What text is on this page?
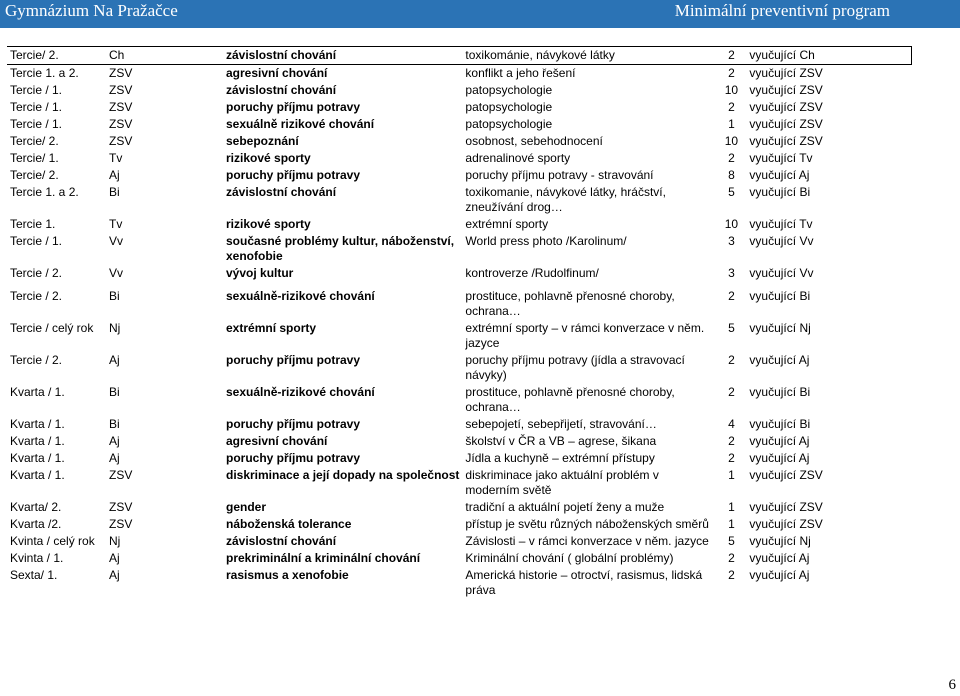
Gymnázium Na Pražačce	Minimální preventivní program
Tercie/ 2.	Ch	závislostní chování	toxikománie, návykové látky	2	vyučující Ch
Tercie 1. a 2.	ZSV	agresivní chování	konflikt a jeho řešení	2	vyučující ZSV
Tercie / 1.	ZSV	závislostní chování	patopsychologie	10	vyučující ZSV
Tercie / 1.	ZSV	poruchy příjmu potravy	patopsychologie	2	vyučující ZSV
Tercie / 1.	ZSV	sexuálně rizikové chování	patopsychologie	1	vyučující ZSV
Tercie/ 2.	ZSV	sebepoznání	osobnost, sebehodnocení	10	vyučující ZSV
Tercie/ 1.	Tv	rizikové sporty	adrenalinové sporty	2	vyučující Tv
Tercie/ 2.	Aj	poruchy příjmu potravy	poruchy příjmu potravy - stravování	8	vyučující Aj
Tercie 1. a 2.	Bi	závislostní chování	toxikomanie, návykové látky, hráčství, zneužívání drog…	5	vyučující Bi
Tercie 1.	Tv	rizikové sporty	extrémní sporty	10	vyučující Tv
Tercie / 1.	Vv	současné problémy kultur, náboženství, xenofobie	World press photo /Karolinum/	3	vyučující Vv
Tercie / 2.	Vv	vývoj kultur	kontroverze /Rudolfinum/	3	vyučující Vv

Tercie / 2.	Bi	sexuálně-rizikové chování	prostituce, pohlavně přenosné choroby, ochrana…	2	vyučující Bi
Tercie / celý rok	Nj	extrémní sporty	extrémní sporty – v rámci konverzace v něm. jazyce	5	vyučující Nj
Tercie / 2.	Aj	poruchy příjmu potravy	poruchy příjmu potravy (jídla a stravovací návyky)	2	vyučující Aj
Kvarta / 1.	Bi	sexuálně-rizikové chování	prostituce, pohlavně přenosné choroby, ochrana…	2	vyučující Bi
Kvarta / 1.	Bi	poruchy příjmu potravy	sebepojetí, sebepřijetí, stravování…	4	vyučující Bi
Kvarta / 1.	Aj	agresivní chování	školství v ČR a VB – agrese, šikana	2	vyučující Aj
Kvarta / 1.	Aj	poruchy příjmu potravy	Jídla a kuchyně – extrémní přístupy	2	vyučující Aj
Kvarta / 1.	ZSV	diskriminace a její dopady na společnost	diskriminace jako aktuální problém v moderním světě	1	vyučující ZSV
Kvarta/ 2.	ZSV	gender	tradiční a aktuální pojetí ženy a muže	1	vyučující ZSV
Kvarta /2.	ZSV	náboženská tolerance	přístup je světu různých náboženských směrů	1	vyučující ZSV
Kvinta / celý rok	Nj	závislostní chování	Závislosti – v rámci konverzace v něm. jazyce	5	vyučující Nj
Kvinta / 1.	Aj	prekriminální a kriminální chování	Kriminální chování ( globální problémy)	2	vyučující Aj
Sexta/ 1.	Aj	rasismus a xenofobie	Americká historie – otroctví, rasismus, lidská práva	2	vyučující Aj
6
